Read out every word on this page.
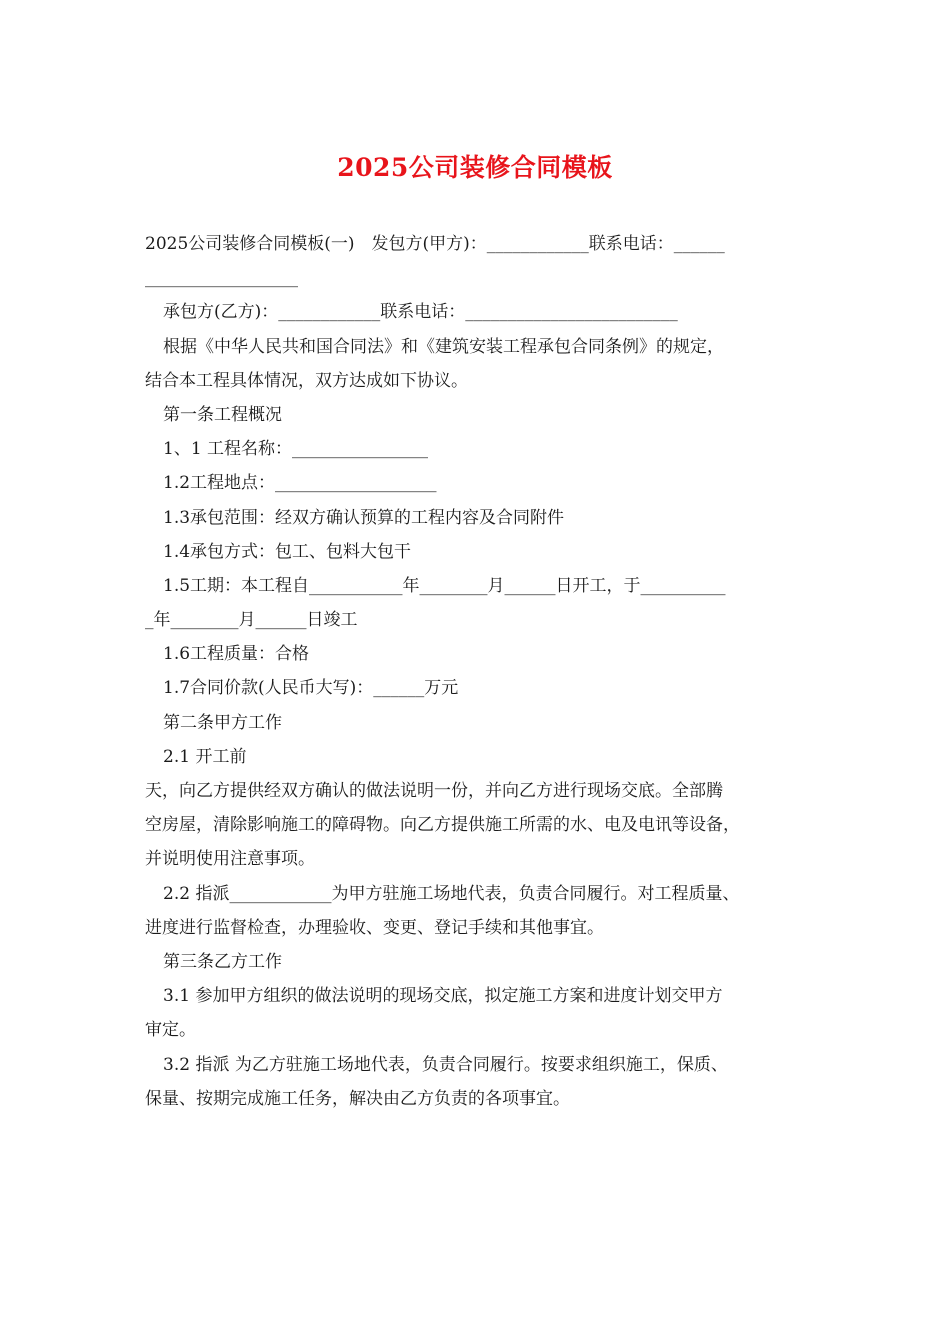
2025公司装修合同模板
2025公司装修合同模板(一)　发包方(甲方)：____________联系电话：______
__________________
承包方(乙方)：____________联系电话：_________________________
根据《中华人民共和国合同法》和《建筑安装工程承包合同条例》的规定，
结合本工程具体情况，双方达成如下协议。
第一条工程概况
1、1 工程名称：________________
1.2工程地点：___________________
1.3承包范围：经双方确认预算的工程内容及合同附件
1.4承包方式：包工、包料大包干
1.5工期：本工程自___________年________月______日开工，于__________
_年________月______日竣工
1.6工程质量：合格
1.7合同价款(人民币大写)：______万元
第二条甲方工作
2.1 开工前
天，向乙方提供经双方确认的做法说明一份，并向乙方进行现场交底。全部腾
空房屋，清除影响施工的障碍物。向乙方提供施工所需的水、电及电讯等设备，
并说明使用注意事项。
2.2 指派____________为甲方驻施工场地代表，负责合同履行。对工程质量、
进度进行监督检查，办理验收、变更、登记手续和其他事宜。
第三条乙方工作
3.1 参加甲方组织的做法说明的现场交底，拟定施工方案和进度计划交甲方
审定。
3.2 指派 为乙方驻施工场地代表，负责合同履行。按要求组织施工，保质、
保量、按期完成施工任务，解决由乙方负责的各项事宜。
